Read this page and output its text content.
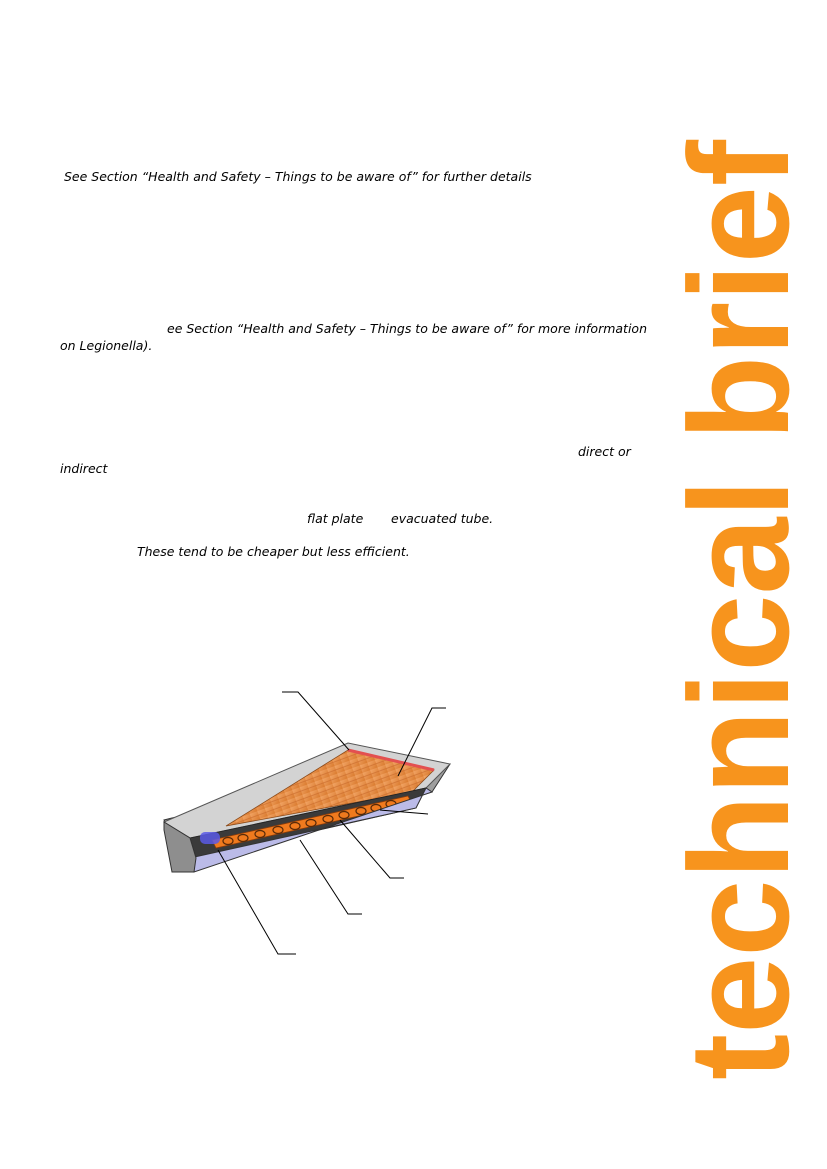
See Section “Health and Safety – Things to be aware of” for further details
ee Section “Health and Safety – Things to be aware of” for more information
on Legionella).
direct or
indirect
flat plate evacuated tube.
These tend to be cheaper but less efficient. technical brief
